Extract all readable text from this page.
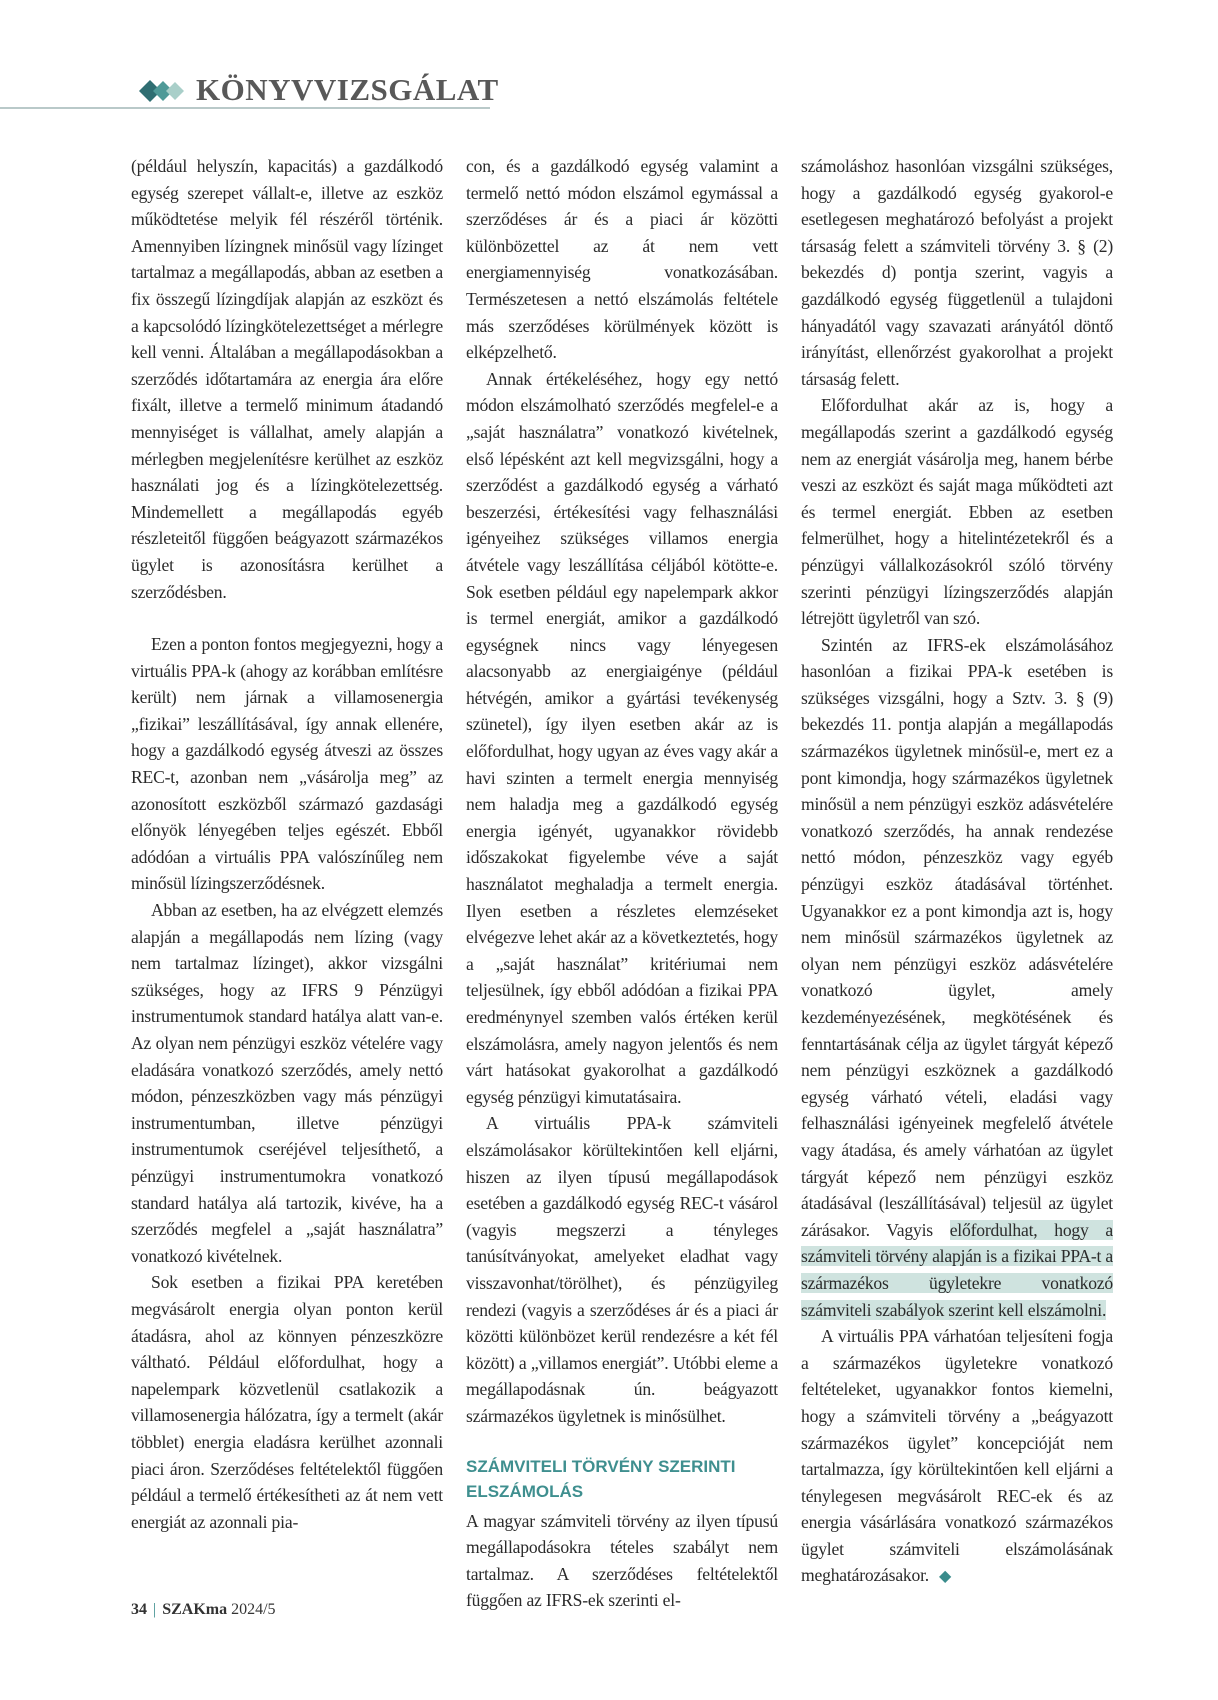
KÖNYVVIZSGÁLAT

(például helyszín, kapacitás) a gazdálkodó egység szerepet vállalt-e, illetve az eszköz működtetése melyik fél részéről történik. Amennyiben lízingnek minősül vagy lízinget tartalmaz a megállapodás, abban az esetben a fix összegű lízingdíjak alapján az eszközt és a kapcsolódó lízingkötelezettséget a mérlegre kell venni. Általában a megállapodásokban a szerződés időtartamára az energia ára előre fixált, illetve a termelő minimum átadandó mennyiséget is vállalhat, amely alapján a mérlegben megjelenítésre kerülhet az eszköz használati jog és a lízingkötelezettség. Mindemellett a megállapodás egyéb részleteitől függően beágyazott származékos ügylet is azonosításra kerülhet a szerződésben.

Ezen a ponton fontos megjegyezni, hogy a virtuális PPA-k (ahogy az korábban említésre került) nem járnak a villamosenergia „fizikai” leszállításával, így annak ellenére, hogy a gazdálkodó egység átveszi az összes REC-t, azonban nem „vásárolja meg” az azonosított eszközből származó gazdasági előnyök lényegében teljes egészét. Ebből adódóan a virtuális PPA valószínűleg nem minősül lízingszerződésnek.

Abban az esetben, ha az elvégzett elemzés alapján a megállapodás nem lízing (vagy nem tartalmaz lízinget), akkor vizsgálni szükséges, hogy az IFRS 9 Pénzügyi instrumentumok standard hatálya alatt van-e. Az olyan nem pénzügyi eszköz vételére vagy eladására vonatkozó szerződés, amely nettó módon, pénzeszközben vagy más pénzügyi instrumentumban, illetve pénzügyi instrumentumok cseréjével teljesíthető, a pénzügyi instrumentumokra vonatkozó standard hatálya alá tartozik, kivéve, ha a szerződés megfelel a „saját használatra” vonatkozó kivételnek.

Sok esetben a fizikai PPA keretében megvásárolt energia olyan ponton kerül átadásra, ahol az könnyen pénzeszközre váltható. Például előfordulhat, hogy a napelempark közvetlenül csatlakozik a villamosenergia hálózatra, így a termelt (akár többlet) energia eladásra kerülhet azonnali piaci áron. Szerződéses feltételektől függően például a termelő értékesítheti az át nem vett energiát az azonnali pia-

con, és a gazdálkodó egység valamint a termelő nettó módon elszámol egymással a szerződéses ár és a piaci ár közötti különbözettel az át nem vett energiamennyiség vonatkozásában. Természetesen a nettó elszámolás feltétele más szerződéses körülmények között is elképzelhető.

Annak értékeléséhez, hogy egy nettó módon elszámolható szerződés megfelel-e a „saját használatra” vonatkozó kivételnek, első lépésként azt kell megvizsgálni, hogy a szerződést a gazdálkodó egység a várható beszerzési, értékesítési vagy felhasználási igényeihez szükséges villamos energia átvétele vagy leszállítása céljából kötötte-e. Sok esetben például egy napelempark akkor is termel energiát, amikor a gazdálkodó egységnek nincs vagy lényegesen alacsonyabb az energiaigénye (például hétvégén, amikor a gyártási tevékenység szünetel), így ilyen esetben akár az is előfordulhat, hogy ugyan az éves vagy akár a havi szinten a termelt energia mennyiség nem haladja meg a gazdálkodó egység energia igényét, ugyanakkor rövidebb időszakokat figyelembe véve a saját használatot meghaladja a termelt energia. Ilyen esetben a részletes elemzéseket elvégezve lehet akár az a következtetés, hogy a „saját használat” kritériumai nem teljesülnek, így ebből adódóan a fizikai PPA eredménynyel szemben valós értéken kerül elszámolásra, amely nagyon jelentős és nem várt hatásokat gyakorolhat a gazdálkodó egység pénzügyi kimutatásaira.

A virtuális PPA-k számviteli elszámolásakor körültekintően kell eljárni, hiszen az ilyen típusú megállapodások esetében a gazdálkodó egység REC-t vásárol (vagyis megszerzi a tényleges tanúsítványokat, amelyeket eladhat vagy visszavonhat/törölhet), és pénzügyileg rendezi (vagyis a szerződéses ár és a piaci ár közötti különbözet kerül rendezésre a két fél között) a „villamos energiát”. Utóbbi eleme a megállapodásnak ún. beágyazott származékos ügyletnek is minősülhet.

SZÁMVITELI TÖRVÉNY SZERINTI ELSZÁMOLÁS

A magyar számviteli törvény az ilyen típusú megállapodásokra tételes szabályt nem tartalmaz. A szerződéses feltételektől függően az IFRS-ek szerinti el-

számoláshoz hasonlóan vizsgálni szükséges, hogy a gazdálkodó egység gyakorol-e esetlegesen meghatározó befolyást a projekt társaság felett a számviteli törvény 3. § (2) bekezdés d) pontja szerint, vagyis a gazdálkodó egység függetlenül a tulajdoni hányadától vagy szavazati arányától döntő irányítást, ellenőrzést gyakorolhat a projekt társaság felett.

Előfordulhat akár az is, hogy a megállapodás szerint a gazdálkodó egység nem az energiát vásárolja meg, hanem bérbe veszi az eszközt és saját maga működteti azt és termel energiát. Ebben az esetben felmerülhet, hogy a hitelintézetekről és a pénzügyi vállalkozásokról szóló törvény szerinti pénzügyi lízingszerződés alapján létrejött ügyletről van szó.

Szintén az IFRS-ek elszámolásához hasonlóan a fizikai PPA-k esetében is szükséges vizsgálni, hogy a Sztv. 3. § (9) bekezdés 11. pontja alapján a megállapodás származékos ügyletnek minősül-e, mert ez a pont kimondja, hogy származékos ügyletnek minősül a nem pénzügyi eszköz adásvételére vonatkozó szerződés, ha annak rendezése nettó módon, pénzeszköz vagy egyéb pénzügyi eszköz átadásával történhet. Ugyanakkor ez a pont kimondja azt is, hogy nem minősül származékos ügyletnek az olyan nem pénzügyi eszköz adásvételére vonatkozó ügylet, amely kezdeményezésének, megkötésének és fenntartásának célja az ügylet tárgyát képező nem pénzügyi eszköznek a gazdálkodó egység várható vételi, eladási vagy felhasználási igényeinek megfelelő átvétele vagy átadása, és amely várhatóan az ügylet tárgyát képező nem pénzügyi eszköz átadásával (leszállításával) teljesül az ügylet zárásakor. Vagyis előfordulhat, hogy a számviteli törvény alapján is a fizikai PPA-t a származékos ügyletekre vonatkozó számviteli szabályok szerint kell elszámolni.

A virtuális PPA várhatóan teljesíteni fogja a származékos ügyletekre vonatkozó feltételeket, ugyanakkor fontos kiemelni, hogy a számviteli törvény a „beágyazott származékos ügylet” koncepcióját nem tartalmazza, így körültekintően kell eljárni a ténylegesen megvásárolt REC-ek és az energia vásárlására vonatkozó származékos ügylet számviteli elszámolásának meghatározásakor. ◆

34 | SZAKma 2024/5
